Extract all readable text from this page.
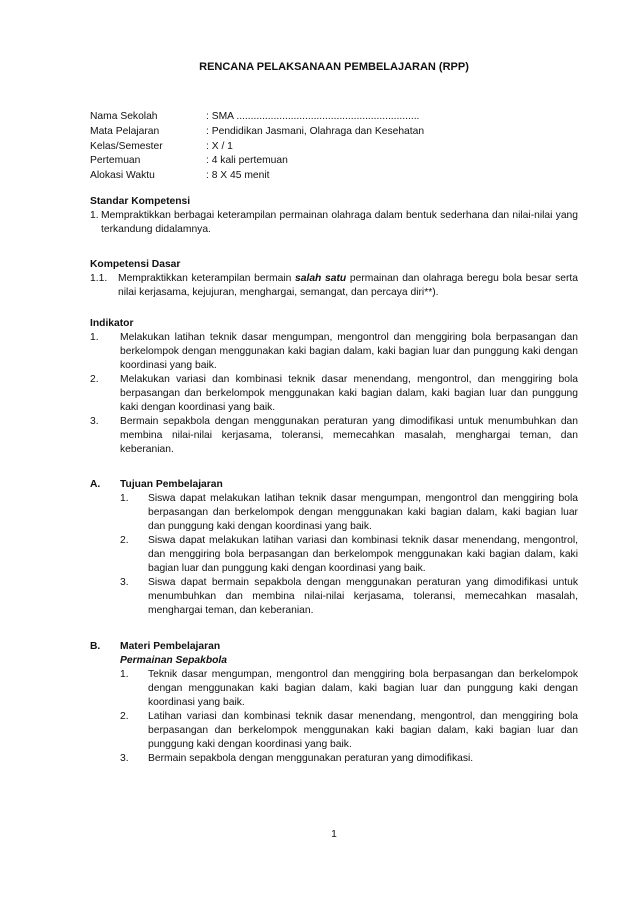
RENCANA PELAKSANAAN PEMBELAJARAN (RPP)
Nama Sekolah	: SMA ................................................................
Mata Pelajaran	: Pendidikan Jasmani, Olahraga dan Kesehatan
Kelas/Semester	: X / 1
Pertemuan	: 4 kali pertemuan
Alokasi Waktu	: 8 X 45 menit
Standar Kompetensi
1. Mempraktikkan berbagai keterampilan permainan olahraga dalam bentuk sederhana dan nilai-nilai yang terkandung didalamnya.
Kompetensi Dasar
1.1.	Mempraktikkan keterampilan bermain salah satu permainan dan olahraga beregu bola besar serta nilai kerjasama, kejujuran, menghargai, semangat, dan percaya diri**).
Indikator
1.	Melakukan latihan teknik dasar mengumpan, mengontrol dan menggiring bola berpasangan dan berkelompok dengan menggunakan kaki bagian dalam, kaki bagian luar dan punggung kaki dengan koordinasi yang baik.
2.	Melakukan variasi dan kombinasi teknik dasar menendang, mengontrol, dan menggiring bola berpasangan dan berkelompok menggunakan kaki bagian dalam, kaki bagian luar dan punggung kaki dengan koordinasi yang baik.
3.	Bermain sepakbola dengan menggunakan peraturan yang dimodifikasi untuk menumbuhkan dan membina nilai-nilai kerjasama, toleransi, memecahkan masalah, menghargai teman, dan keberanian.
A.	Tujuan Pembelajaran
1.	Siswa dapat melakukan latihan teknik dasar mengumpan, mengontrol dan menggiring bola berpasangan dan berkelompok dengan menggunakan kaki bagian dalam, kaki bagian luar dan punggung kaki dengan koordinasi yang baik.
2.	Siswa dapat melakukan latihan variasi dan kombinasi teknik dasar menendang, mengontrol, dan menggiring bola berpasangan dan berkelompok menggunakan kaki bagian dalam, kaki bagian luar dan punggung kaki dengan koordinasi yang baik.
3.	Siswa dapat bermain sepakbola dengan menggunakan peraturan yang dimodifikasi untuk menumbuhkan dan membina nilai-nilai kerjasama, toleransi, memecahkan masalah, menghargai teman, dan keberanian.
B.	Materi Pembelajaran
Permainan Sepakbola
1.	Teknik dasar mengumpan, mengontrol dan menggiring bola berpasangan dan berkelompok dengan menggunakan kaki bagian dalam, kaki bagian luar dan punggung kaki dengan koordinasi yang baik.
2.	Latihan variasi dan kombinasi teknik dasar menendang, mengontrol, dan menggiring bola berpasangan dan berkelompok menggunakan kaki bagian dalam, kaki bagian luar dan punggung kaki dengan koordinasi yang baik.
3.	Bermain sepakbola dengan menggunakan peraturan yang dimodifikasi.
1
